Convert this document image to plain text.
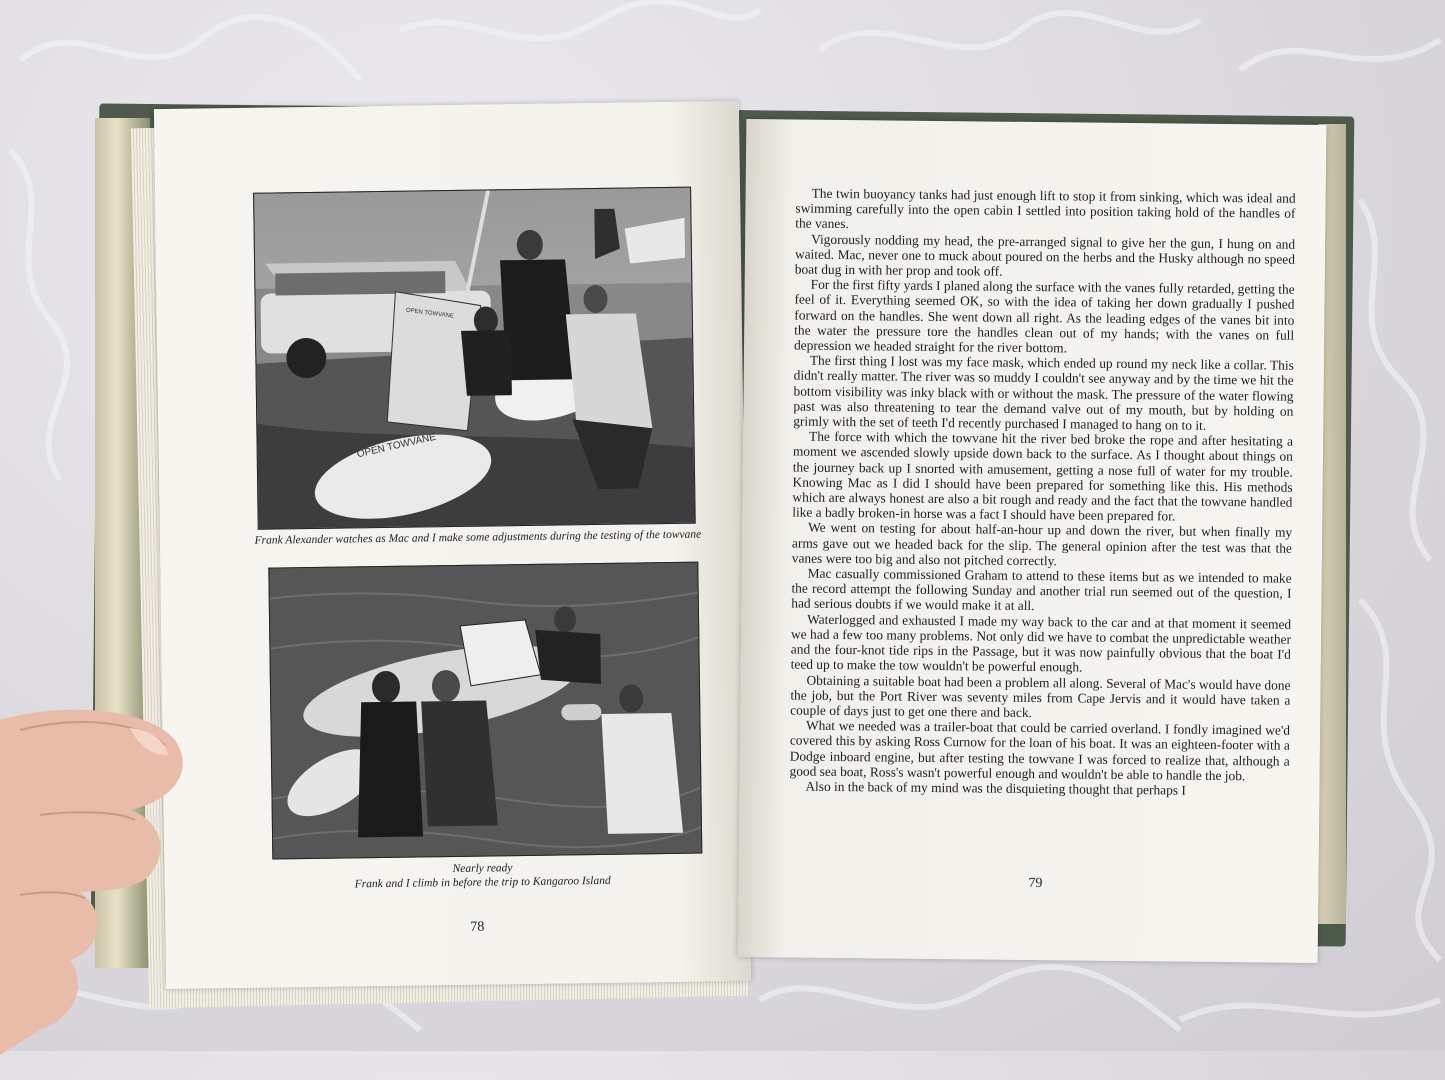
OPEN TOWVANE
OPEN TOWVANE
Frank Alexander watches as Mac and I make some adjustments during the testing of the towvane
Nearly ready
Frank and I climb in before the trip to Kangaroo Island
78

The twin buoyancy tanks had just enough lift to stop it from sinking, which was ideal and swimming carefully into the open cabin I settled into position taking hold of the handles of the vanes.

Vigorously nodding my head, the pre-arranged signal to give her the gun, I hung on and waited. Mac, never one to muck about poured on the herbs and the Husky although no speed boat dug in with her prop and took off.

For the first fifty yards I planed along the surface with the vanes fully retarded, getting the feel of it. Everything seemed OK, so with the idea of taking her down gradually I pushed forward on the handles. She went down all right. As the leading edges of the vanes bit into the water the pressure tore the handles clean out of my hands; with the vanes on full depression we headed straight for the river bottom.

The first thing I lost was my face mask, which ended up round my neck like a collar. This didn't really matter. The river was so muddy I couldn't see anyway and by the time we hit the bottom visibility was inky black with or without the mask. The pressure of the water flowing past was also threatening to tear the demand valve out of my mouth, but by holding on grimly with the set of teeth I'd recently purchased I managed to hang on to it.

The force with which the towvane hit the river bed broke the rope and after hesitating a moment we ascended slowly upside down back to the surface. As I thought about things on the journey back up I snorted with amusement, getting a nose full of water for my trouble. Knowing Mac as I did I should have been prepared for something like this. His methods which are always honest are also a bit rough and ready and the fact that the towvane handled like a badly broken-in horse was a fact I should have been prepared for.

We went on testing for about half-an-hour up and down the river, but when finally my arms gave out we headed back for the slip. The general opinion after the test was that the vanes were too big and also not pitched correctly.

Mac casually commissioned Graham to attend to these items but as we intended to make the record attempt the following Sunday and another trial run seemed out of the question, I had serious doubts if we would make it at all.

Waterlogged and exhausted I made my way back to the car and at that moment it seemed we had a few too many problems. Not only did we have to combat the unpredictable weather and the four-knot tide rips in the Passage, but it was now painfully obvious that the boat I'd teed up to make the tow wouldn't be powerful enough.

Obtaining a suitable boat had been a problem all along. Several of Mac's would have done the job, but the Port River was seventy miles from Cape Jervis and it would have taken a couple of days just to get one there and back.

What we needed was a trailer-boat that could be carried overland. I fondly imagined we'd covered this by asking Ross Curnow for the loan of his boat. It was an eighteen-footer with a Dodge inboard engine, but after testing the towvane I was forced to realize that, although a good sea boat, Ross's wasn't powerful enough and wouldn't be able to handle the job.

Also in the back of my mind was the disquieting thought that perhaps I

79
